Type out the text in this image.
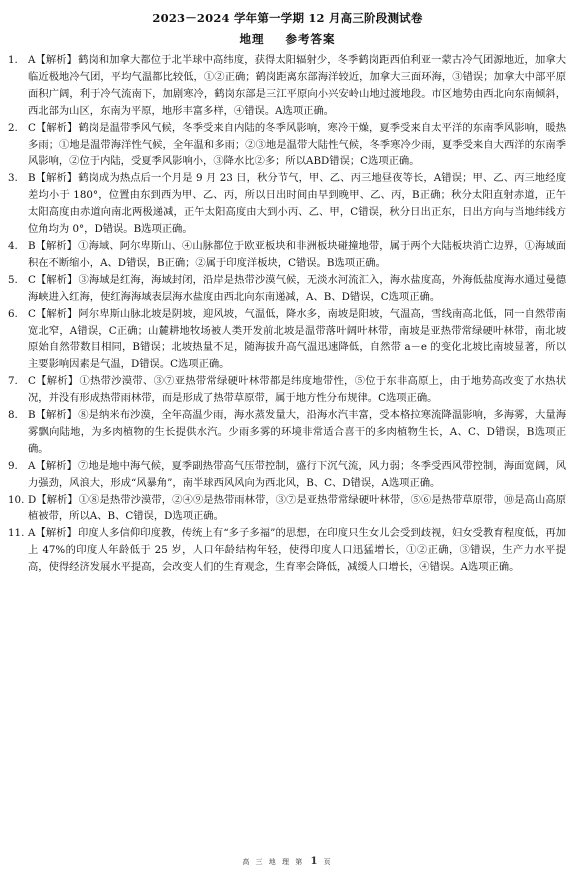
2023－2024 学年第一学期 12 月高三阶段测试卷
地理 参考答案

1. A【解析】鹤岗和加拿大都位于北半球中高纬度，获得太阳辐射少，冬季鹤岗距西伯利亚一蒙古冷气团源地近，加拿大临近极地冷气团，平均气温都比较低，①②正确；鹤岗距离东部海洋较近，加拿大三面环海，③错误；加拿大中部平原面积广阔，利于冷气流南下，加剧寒冷，鹤岗东部是三江平原向小兴安岭山地过渡地段。市区地势由西北向东南倾斜，西北部为山区，东南为平原，地形丰富多样，④错误。A选项正确。

2. C【解析】鹤岗是温带季风气候，冬季受来自内陆的冬季风影响，寒冷干燥，夏季受来自太平洋的东南季风影响，暖热多雨；①地是温带海洋性气候，全年温和多雨；②③地是温带大陆性气候，冬季寒冷少雨，夏季受来自大西洋的东南季风影响，②位于内陆，受夏季风影响小，③降水比②多；所以ABD错误；C选项正确。

3. B【解析】鹤岗成为热点后一个月是 9 月 23 日，秋分节气，甲、乙、丙三地昼夜等长，A错误；甲、乙、丙三地经度差均小于 180°，位置由东到西为甲、乙、丙，所以日出时间由早到晚甲、乙、丙，B正确；秋分太阳直射赤道，正午太阳高度由赤道向南北两极递减，正午太阳高度由大到小丙、乙、甲，C错误，秋分日出正东，日出方向与当地纬线方位角均为 0°，D错误。B选项正确。

4. B【解析】①海域、阿尔卑斯山、④山脉都位于欧亚板块和非洲板块碰撞地带，属于两个大陆板块消亡边界，①海域面积在不断缩小，A、D错误，B正确；②属于印度洋板块，C错误。B选项正确。

5. C【解析】③海域是红海，海域封闭，沿岸是热带沙漠气候，无淡水河流汇入，海水盐度高，外海低盐度海水通过曼德海峡进入红海，使红海海域表层海水盐度由西北向东南递减，A、B、D错误，C选项正确。

6. C【解析】阿尔卑斯山脉北坡是阴坡，迎风坡，气温低，降水多，南坡是阳坡，气温高，雪线南高北低，同一自然带南宽北窄，A错误，C正确；山麓耕地牧场被人类开发前北坡是温带落叶阔叶林带，南坡是亚热带常绿硬叶林带，南北坡原始自然带数目相同，B错误；北坡热量不足，随海拔升高气温迅速降低，自然带 a－e 的变化北坡比南坡显著，所以主要影响因素是气温，D错误。C选项正确。

7. C【解析】①热带沙漠带、③⑦亚热带常绿硬叶林带都是纬度地带性，⑤位于东非高原上，由于地势高改变了水热状况，并没有形成热带雨林带，而是形成了热带草原带，属于地方性分布规律。C选项正确。

8. B【解析】⑧是纳米布沙漠，全年高温少雨，海水蒸发量大，沿海水汽丰富，受本格拉寒流降温影响，多海雾，大量海雾飘向陆地，为多肉植物的生长提供水汽。少雨多雾的环境非常适合喜干的多肉植物生长，A、C、D错误，B选项正确。

9. A【解析】⑦地是地中海气候，夏季副热带高气压带控制，盛行下沉气流，风力弱；冬季受西风带控制，海面宽阔，风力强劲，风浪大，形成“风暴角”，南半球西风风向为西北风，B、C、D错误，A选项正确。

10. D【解析】①⑧是热带沙漠带，②④⑨是热带雨林带，③⑦是亚热带常绿硬叶林带，⑤⑥是热带草原带，⑩是高山高原植被带，所以A、B、C错误，D选项正确。

11. A【解析】印度人多信仰印度教，传统上有“多子多福”的思想，在印度只生女儿会受到歧视，妇女受教育程度低，再加上 47%的印度人年龄低于 25 岁，人口年龄结构年轻，使得印度人口迅猛增长，①②正确，③错误，生产力水平提高，使得经济发展水平提高，会改变人们的生育观念，生育率会降低，减缓人口增长，④错误。A选项正确。

高 三 地 理 第 1 页
